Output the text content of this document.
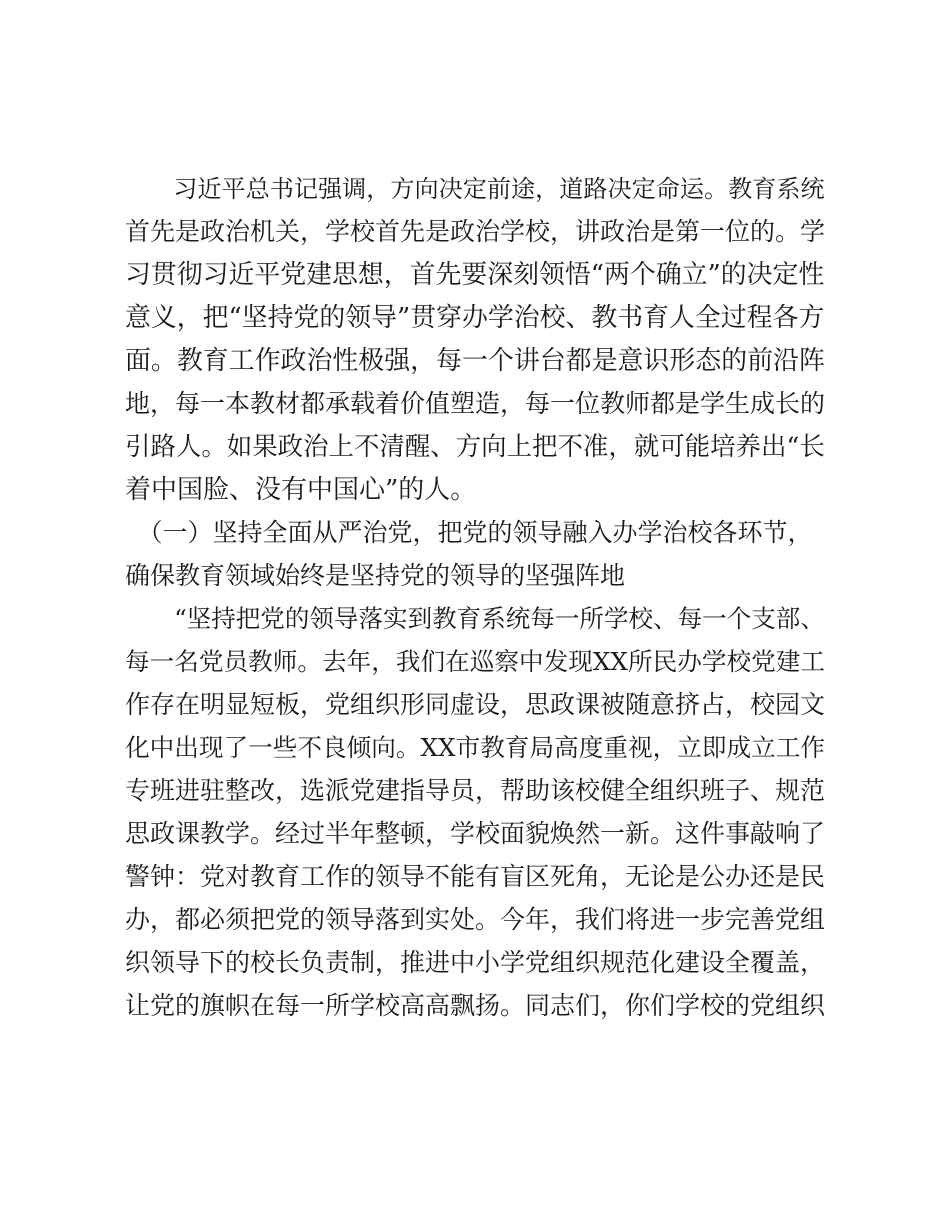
　　习近平总书记强调，方向决定前途，道路决定命运。教育系统
首先是政治机关，学校首先是政治学校，讲政治是第一位的。学
习贯彻习近平党建思想，首先要深刻领悟“两个确立”的决定性
意义，把“坚持党的领导”贯穿办学治校、教书育人全过程各方
面。教育工作政治性极强，每一个讲台都是意识形态的前沿阵
地，每一本教材都承载着价值塑造，每一位教师都是学生成长的
引路人。如果政治上不清醒、方向上把不准，就可能培养出“长
着中国脸、没有中国心”的人。
　（一）坚持全面从严治党，把党的领导融入办学治校各环节，
确保教育领域始终是坚持党的领导的坚强阵地
　　“坚持把党的领导落实到教育系统每一所学校、每一个支部、
每一名党员教师。去年，我们在巡察中发现XX所民办学校党建工
作存在明显短板，党组织形同虚设，思政课被随意挤占，校园文
化中出现了一些不良倾向。XX市教育局高度重视，立即成立工作
专班进驻整改，选派党建指导员，帮助该校健全组织班子、规范
思政课教学。经过半年整顿，学校面貌焕然一新。这件事敲响了
警钟：党对教育工作的领导不能有盲区死角，无论是公办还是民
办，都必须把党的领导落到实处。今年，我们将进一步完善党组
织领导下的校长负责制，推进中小学党组织规范化建设全覆盖，
让党的旗帜在每一所学校高高飘扬。同志们，你们学校的党组织
